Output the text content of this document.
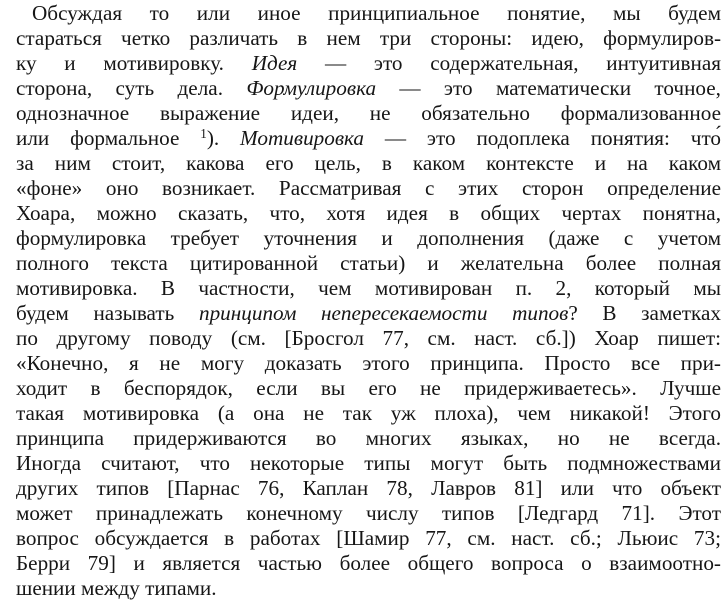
Обсуждая то или иное принципиальное понятие, мы будем
стараться четко различать в нем три стороны: идею, формулиров-
ку и мотивировку. Идея — это содержательная, интуитивная
сторона, суть дела. Формулировка — это математически точное,
однозначное выражение идеи, не обязательно формализованное
или формальное $^1$). Мотивировка — это подоплека понятия: что́
за ним стоит, какова его цель, в каком контексте и на каком
«фоне» оно возникает. Рассматривая с этих сторон определение
Хоара, можно сказать, что, хотя идея в общих чертах понятна,
формулировка требует уточнения и дополнения (даже с учетом
полного текста цитированной статьи) и желательна более полная
мотивировка. В частности, чем мотивирован п. 2, который мы
будем называть принципом непересекаемости типов? В заметках
по другому поводу (см. [Бросгол 77, см. наст. сб.]) Хоар пишет:
«Конечно, я не могу доказать этого принципа. Просто все при-
ходит в беспорядок, если вы его не придерживаетесь». Лучше
такая мотивировка (а она не так уж плоха), чем никакой! Этого
принципа придерживаются во многих языках, но не всегда.
Иногда считают, что некоторые типы могут быть подмножествами
других типов [Парнас 76, Каплан 78, Лавров 81] или что объект
может принадлежать конечному числу типов [Ледгард 71]. Этот
вопрос обсуждается в работах [Шамир 77, см. наст. сб.; Льюис 73;
Берри 79] и является частью более общего вопроса о взаимоотно-
шении между типами.
